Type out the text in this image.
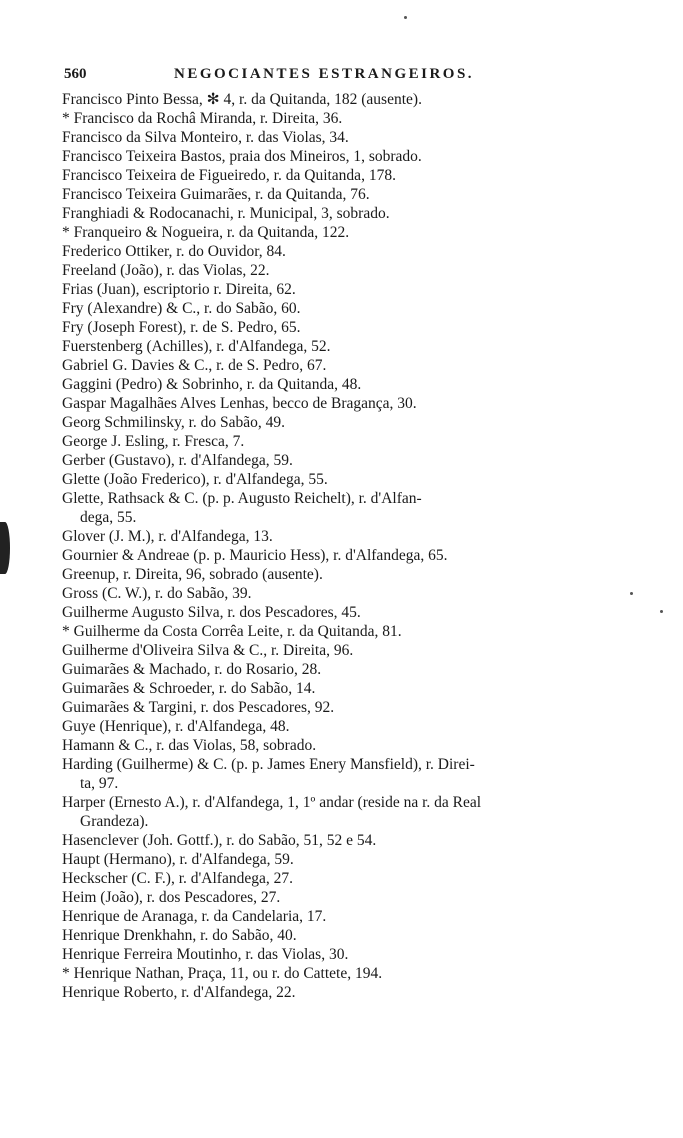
560	NEGOCIANTES ESTRANGEIROS.
Francisco Pinto Bessa, ✻ 4, r. da Quitanda, 182 (ausente).
* Francisco da Rochâ Miranda, r. Direita, 36.
Francisco da Silva Monteiro, r. das Violas, 34.
Francisco Teixeira Bastos, praia dos Mineiros, 1, sobrado.
Francisco Teixeira de Figueiredo, r. da Quitanda, 178.
Francisco Teixeira Guimarães, r. da Quitanda, 76.
Franghiadi & Rodocanachi, r. Municipal, 3, sobrado.
* Franqueiro & Nogueira, r. da Quitanda, 122.
Frederico Ottiker, r. do Ouvidor, 84.
Freeland (João), r. das Violas, 22.
Frias (Juan), escriptorio r. Direita, 62.
Fry (Alexandre) & C., r. do Sabão, 60.
Fry (Joseph Forest), r. de S. Pedro, 65.
Fuerstenberg (Achilles), r. d'Alfandega, 52.
Gabriel G. Davies & C., r. de S. Pedro, 67.
Gaggini (Pedro) & Sobrinho, r. da Quitanda, 48.
Gaspar Magalhães Alves Lenhas, becco de Bragança, 30.
Georg Schmilinsky, r. do Sabão, 49.
George J. Esling, r. Fresca, 7.
Gerber (Gustavo), r. d'Alfandega, 59.
Glette (João Frederico), r. d'Alfandega, 55.
Glette, Rathsack & C. (p. p. Augusto Reichelt), r. d'Alfan-
dega, 55.
Glover (J. M.), r. d'Alfandega, 13.
Gournier & Andreae (p. p. Mauricio Hess), r. d'Alfandega, 65.
Greenup, r. Direita, 96, sobrado (ausente).
Gross (C. W.), r. do Sabão, 39.
Guilherme Augusto Silva, r. dos Pescadores, 45.
* Guilherme da Costa Corrêa Leite, r. da Quitanda, 81.
Guilherme d'Oliveira Silva & C., r. Direita, 96.
Guimarães & Machado, r. do Rosario, 28.
Guimarães & Schroeder, r. do Sabão, 14.
Guimarães & Targini, r. dos Pescadores, 92.
Guye (Henrique), r. d'Alfandega, 48.
Hamann & C., r. das Violas, 58, sobrado.
Harding (Guilherme) & C. (p. p. James Enery Mansfield), r. Direi-
ta, 97.
Harper (Ernesto A.), r. d'Alfandega, 1, 1º andar (reside na r. da Real
Grandeza).
Hasenclever (Joh. Gottf.), r. do Sabão, 51, 52 e 54.
Haupt (Hermano), r. d'Alfandega, 59.
Heckscher (C. F.), r. d'Alfandega, 27.
Heim (João), r. dos Pescadores, 27.
Henrique de Aranaga, r. da Candelaria, 17.
Henrique Drenkhahn, r. do Sabão, 40.
Henrique Ferreira Moutinho, r. das Violas, 30.
* Henrique Nathan, Praça, 11, ou r. do Cattete, 194.
Henrique Roberto, r. d'Alfandega, 22.
